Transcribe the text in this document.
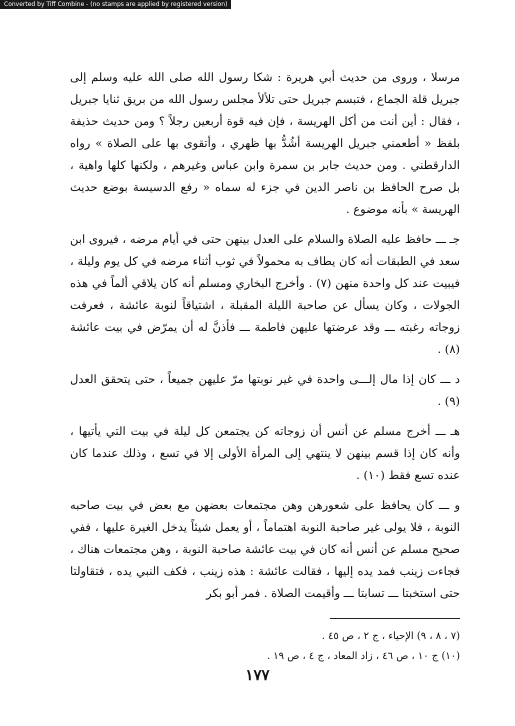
Converted by Tiff Combine - (no stamps are applied by registered version)

مرسلا ، وروى من حديث أبي هريرة : شكا رسول الله صلى الله عليه وسلم إلى جبريل قلة الجماع ، فتبسم جبريل حتى تلألأ مجلس رسول الله من بريق ثنايا جبريل ، فقال : أين أنت من أكل الهريسة ، فإن فيه قوة أربعين رجلاً ؟ ومن حديث حذيفة بلفظ « أطعمني جبريل الهريسة أشُدُّ بها ظهري ، وأتقوى بها على الصلاة » رواه الدارقطني . ومن حديث جابر بن سمرة وابن عباس وغيرهم ، ولكنها كلها واهية ، بل صرح الحافظ بن ناصر الدين في جزء له سماه « رفع الدسيسة بوضع حديث الهريسة » بأنه موضوع .

جـ ـــ حافظ عليه الصلاة والسلام على العدل بينهن حتى في أيام مرضه ، فيروى ابن سعد في الطبقات أنه كان يطاف به محمولاً في ثوب أثناء مرضه في كل يوم وليلة ، فيبيت عند كل واحدة منهن (٧) . وأخرج البخاري ومسلم أنه كان يلاقي ألماً في هذه الجولات ، وكان يسأل عن صاحبة الليلة المقبلة ، اشتياقاً لنوبة عائشة ، فعرفت زوجاته رغبته ـــ وقد عرضتها عليهن فاطمة ـــ فأذنَّ له أن يمرّض في بيت عائشة (٨) .

د ـــ كان إذا مال إلـــى واحدة في غير نوبتها مرّ عليهن جميعاً ، حتى يتحقق العدل (٩) .

هـ ـــ أخرج مسلم عن أنس أن زوجاته كن يجتمعن كل ليلة في بيت التي يأتيها ، وأنه كان إذا قسم بينهن لا ينتهي إلى المرأة الأولى إلا في تسع ، وذلك عندما كان عنده تسع فقط (١٠) .

و ـــ كان يحافظ على شعورهن وهن مجتمعات بعضهن مع بعض في بيت صاحبه النوبة ، فلا يولى غير صاحبة النوبة اهتماماً ، أو يعمل شيئاً يدخل الغيرة عليها ، ففي صحيح مسلم عن أنس أنه كان في بيت عائشة صاحبة النوبة ، وهن مجتمعات هناك ، فجاءت زينب فمد يده إليها ، فقالت عائشة : هذه زينب ، فكف النبي يده ، فتقاولتا حتى استخبتا ـــ تسابتا ـــ وأقيمت الصلاة . فمر أبو بكر

(٧ ، ٨ ، ٩) الإحياء ، ج ٢ ، ص ٤٥ .

(١٠) ج ١٠ ، ص ٤٦ ، زاد المعاد ، ج ٤ ، ص ١٩ .

١٧٧
